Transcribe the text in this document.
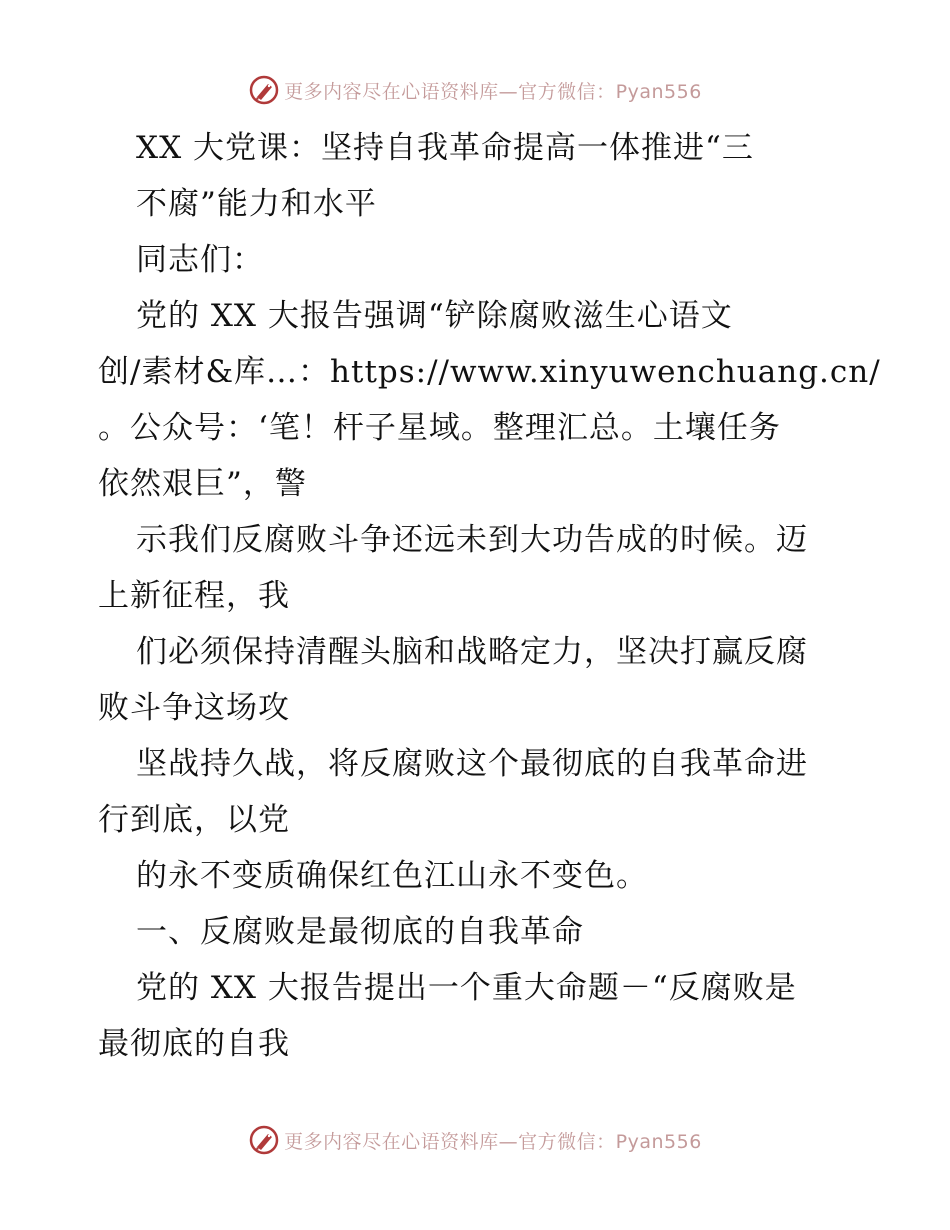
更多内容尽在心语资料库—官方微信：Pyan556
XX 大党课：坚持自我革命提高一体推进“三
不腐”能力和水平
同志们：
党的 XX 大报告强调“铲除腐败滋生心语文
创/素材&库…：https://www.xinyuwenchuang.cn/
。公众号：‘笔！杆子星域。整理汇总。土壤任务
依然艰巨”，警
示我们反腐败斗争还远未到大功告成的时候。迈
上新征程，我
们必须保持清醒头脑和战略定力，坚决打赢反腐
败斗争这场攻
坚战持久战，将反腐败这个最彻底的自我革命进
行到底，以党
的永不变质确保红色江山永不变色。
一、反腐败是最彻底的自我革命
党的 XX 大报告提出一个重大命题－“反腐败是
最彻底的自我
更多内容尽在心语资料库—官方微信：Pyan556
